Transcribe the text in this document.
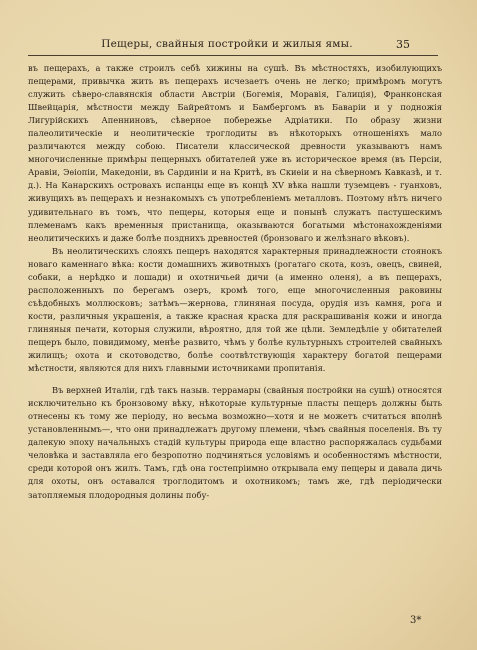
Пещеры, свайныя постройки и жилыя ямы.	35

въ пещерахъ, а также строилъ себѣ хижины на сушѣ. Въ мѣстностяхъ, изобилующихъ пещерами, привычка жить въ пещерахъ исчезаетъ очень не легко; примѣромъ могутъ служить сѣверо-славянскія области Австріи (Богемія, Моравія, Галиція), Франконская Швейцарія, мѣстности между Байрейтомъ и Бамбергомъ въ Баваріи и у подножія Лигурійскихъ Апенниновъ, сѣверное побережье Адріатики. По образу жизни палеолитическіе и неолитическіе троглодиты въ нѣкоторыхъ отношеніяхъ мало различаются между собою. Писатели классической древности указываютъ намъ многочисленные примѣры пещерныхъ обитателей уже въ историческое время (въ Персіи, Аравіи, Эѳіопіи, Македоніи, въ Сардиніи и на Критѣ, въ Скиѳіи и на сѣверномъ Кавказѣ, и т. д.). На Канарскихъ островахъ испанцы еще въ концѣ XV вѣка нашли туземцевъ - гуанховъ, живущихъ въ пещерахъ и незнакомыхъ съ употребленіемъ металловъ. Поэтому нѣтъ ничего удивительнаго въ томъ, что пещеры, которыя еще и понынѣ служатъ пастушескимъ племенамъ какъ временныя пристанища, оказываются богатыми мѣстонахожденіями неолитическихъ и даже болѣе позднихъ древностей (бронзоваго и желѣзнаго вѣковъ).

Въ неолитическихъ слояхъ пещеръ находятся характерныя принадлежности стоянокъ новаго каменнаго вѣка: кости домашнихъ животныхъ (рогатаго скота, козъ, овецъ, свиней, собаки, а нерѣдко и лошади) и охотничьей дичи (а именно оленя), а въ пещерахъ, расположенныхъ по берегамъ озеръ, кромѣ того, еще многочисленныя раковины съѣдобныхъ моллюсковъ; затѣмъ—жернова, глиняная посуда, орудія изъ камня, рога и кости, различныя украшенія, а также красная краска для раскрашиванія кожи и иногда глиняныя печати, которыя служили, вѣроятно, для той же цѣли. Земледѣліе у обитателей пещеръ было, повидимому, менѣе развито, чѣмъ у болѣе культурныхъ строителей свайныхъ жилищъ; охота и скотоводство, болѣе соотвѣтствующія характеру богатой пещерами мѣстности, являются для нихъ главными источниками пропитанія.

Въ верхней Италіи, гдѣ такъ назыв. террамары (свайныя постройки на сушѣ) относятся исключительно къ бронзовому вѣку, нѣкоторые культурные пласты пещеръ должны быть отнесены къ тому же періоду, но весьма возможно—хотя и не можетъ считаться вполнѣ установленнымъ—, что они принадлежатъ другому племени, чѣмъ свайныя поселенія. Въ ту далекую эпоху начальныхъ стадій культуры природа еще властно распоряжалась судьбами человѣка и заставляла его безропотно подчиняться условіямъ и особенностямъ мѣстности, среди которой онъ жилъ. Тамъ, гдѣ она гостепріимно открывала ему пещеры и давала дичь для охоты, онъ оставался троглодитомъ и охотникомъ; тамъ же, гдѣ періодически затопляемыя плодородныя долины побу-

3*
